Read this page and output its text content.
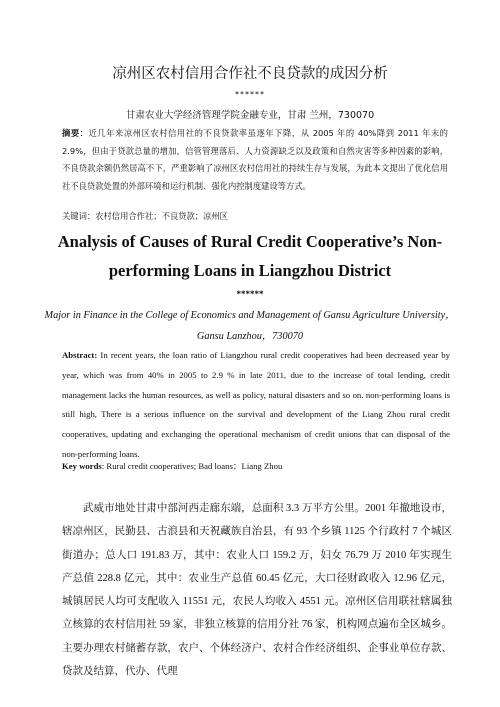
凉州区农村信用合作社不良贷款的成因分析
******
甘肃农业大学经济管理学院金融专业，甘肃 兰州，730070
摘要：近几年来凉州区农村信用社的不良贷款率虽逐年下降，从 2005 年的 40%降到 2011 年末的 2.9%，但由于贷款总量的增加，信管管理落后、人力资源缺乏以及政策和自然灾害等多种因素的影响，不良贷款余额仍然居高不下，严重影响了凉州区农村信用社的持续生存与发展，为此本文提出了优化信用社不良贷款处置的外部环境和运行机制、强化内控制度建设等方式。
关键词：农村信用合作社；不良贷款；凉州区
Analysis of Causes of Rural Credit Cooperative’s Non-performing Loans in Liangzhou District
******
Major in Finance in the College of Economics and Management of Gansu Agriculture University，Gansu Lanzhou，730070
Abstract: In recent years, the loan ratio of Liangzhou rural credit cooperatives had been decreased year by year, which was from 40% in 2005 to 2.9 % in late 2011, due to the increase of total lending, credit management lacks the human resources, as well as policy, natural disasters and so on. non-performing loans is still high, There is a serious influence on the survival and development of the Liang Zhou rural credit cooperatives, updating and exchanging the operational mechanism of credit unions that can disposal of the non-performing loans.
Key words: Rural credit cooperatives; Bad loans；Liang Zhou
武威市地处甘肃中部河西走廊东端，总面积 3.3 万平方公里。2001 年撤地设市，辖凉州区，民勤县、古浪县和天祝藏族自治县，有 93 个乡镇 1125 个行政村 7 个城区街道办；总人口 191.83 万，其中：农业人口 159.2 万，妇女 76.79 万 2010 年实现生产总值 228.8 亿元，其中：农业生产总值 60.45 亿元，大口径财政收入 12.96 亿元，城镇居民人均可支配收入 11551 元，农民人均收入 4551 元。凉州区信用联社辖属独立核算的农村信用社 59 家，非独立核算的信用分社 76 家，机构网点遍布全区城乡。主要办理农村储蓄存款，农户、个体经济户、农村合作经济组织、企事业单位存款、贷款及结算，代办、代理
